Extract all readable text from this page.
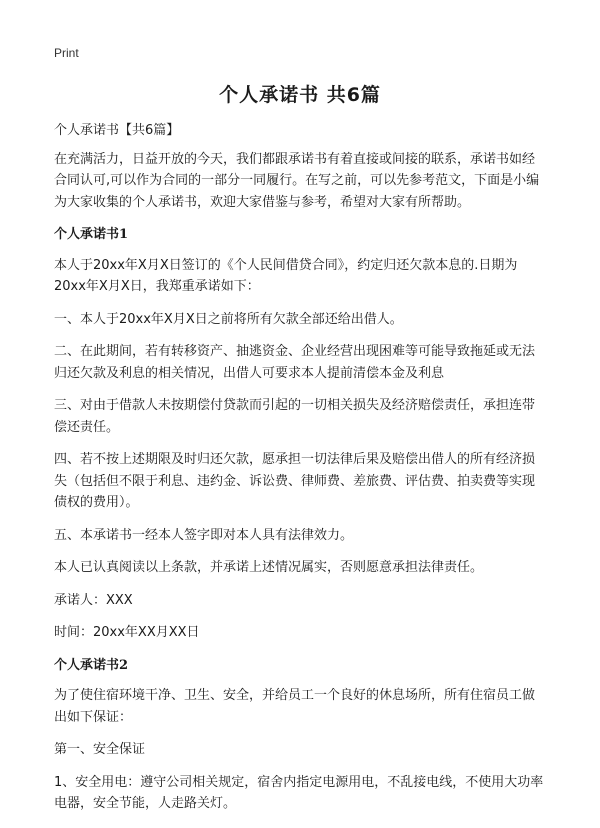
Print
个人承诺书 共6篇

个人承诺书【共6篇】

在充满活力，日益开放的今天，我们都跟承诺书有着直接或间接的联系，承诺书如经合同认可,可以作为合同的一部分一同履行。在写之前，可以先参考范文，下面是小编为大家收集的个人承诺书，欢迎大家借鉴与参考，希望对大家有所帮助。

个人承诺书1

本人于20xx年X月X日签订的《个人民间借贷合同》，约定归还欠款本息的.日期为20xx年X月X日，我郑重承诺如下：

一、本人于20xx年X月X日之前将所有欠款全部还给出借人。

二、在此期间，若有转移资产、抽逃资金、企业经营出现困难等可能导致拖延或无法归还欠款及利息的相关情况，出借人可要求本人提前清偿本金及利息

三、对由于借款人未按期偿付贷款而引起的一切相关损失及经济赔偿责任，承担连带偿还责任。

四、若不按上述期限及时归还欠款，愿承担一切法律后果及赔偿出借人的所有经济损失（包括但不限于利息、违约金、诉讼费、律师费、差旅费、评估费、拍卖费等实现债权的费用）。

五、本承诺书一经本人签字即对本人具有法律效力。

本人已认真阅读以上条款，并承诺上述情况属实，否则愿意承担法律责任。

承诺人：XXX

时间：20xx年XX月XX日

个人承诺书2

为了使住宿环境干净、卫生、安全，并给员工一个良好的休息场所，所有住宿员工做出如下保证：

第一、安全保证

1、安全用电：遵守公司相关规定，宿舍内指定电源用电，不乱接电线，不使用大功率电器，安全节能，人走路关灯。
